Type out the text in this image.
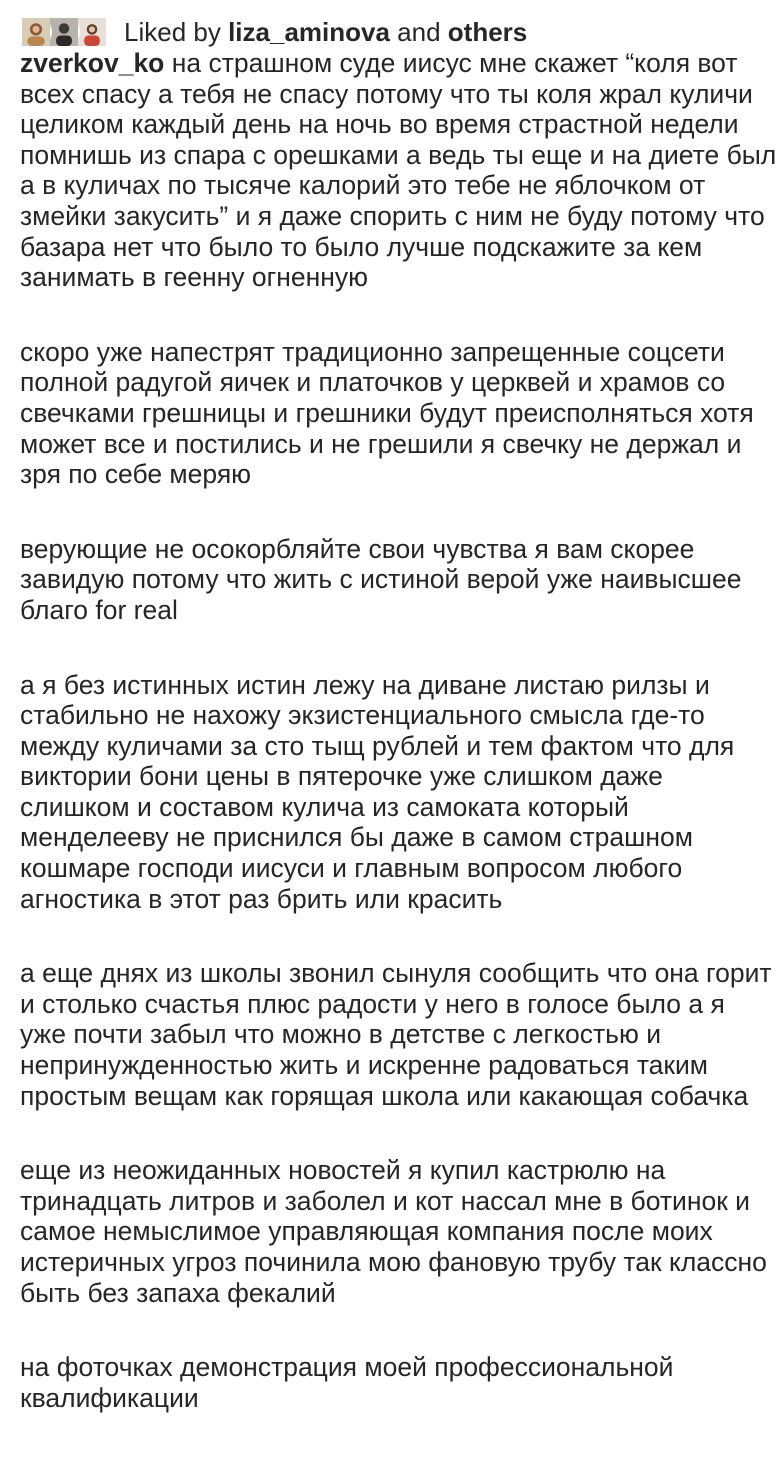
Liked by liza_aminova and others
zverkov_ko на страшном суде иисус мне скажет “коля вот
всех спасу а тебя не спасу потому что ты коля жрал куличи
целиком каждый день на ночь во время страстной недели
помнишь из спара с орешками а ведь ты еще и на диете был
а в куличах по тысяче калорий это тебе не яблочком от
змейки закусить” и я даже спорить с ним не буду потому что
базара нет что было то было лучше подскажите за кем
занимать в геенну огненную
скоро уже напестрят традиционно запрещенные соцсети
полной радугой яичек и платочков у церквей и храмов со
свечками грешницы и грешники будут преисполняться хотя
может все и постились и не грешили я свечку не держал и
зря по себе меряю
верующие не осокорбляйте свои чувства я вам скорее
завидую потому что жить с истиной верой уже наивысшее
благо for real
а я без истинных истин лежу на диване листаю рилзы и
стабильно не нахожу экзистенциального смысла где-то
между куличами за сто тыщ рублей и тем фактом что для
виктории бони цены в пятерочке уже слишком даже
слишком и составом кулича из самоката который
менделееву не приснился бы даже в самом страшном
кошмаре господи иисуси и главным вопросом любого
агностика в этот раз брить или красить
а еще днях из школы звонил сынуля сообщить что она горит
и столько счастья плюс радости у него в голосе было а я
уже почти забыл что можно в детстве с легкостью и
непринужденностью жить и искренне радоваться таким
простым вещам как горящая школа или какающая собачка
еще из неожиданных новостей я купил кастрюлю на
тринадцать литров и заболел и кот нассал мне в ботинок и
самое немыслимое управляющая компания после моих
истеричных угроз починила мою фановую трубу так классно
быть без запаха фекалий
на фоточках демонстрация моей профессиональной
квалификации
